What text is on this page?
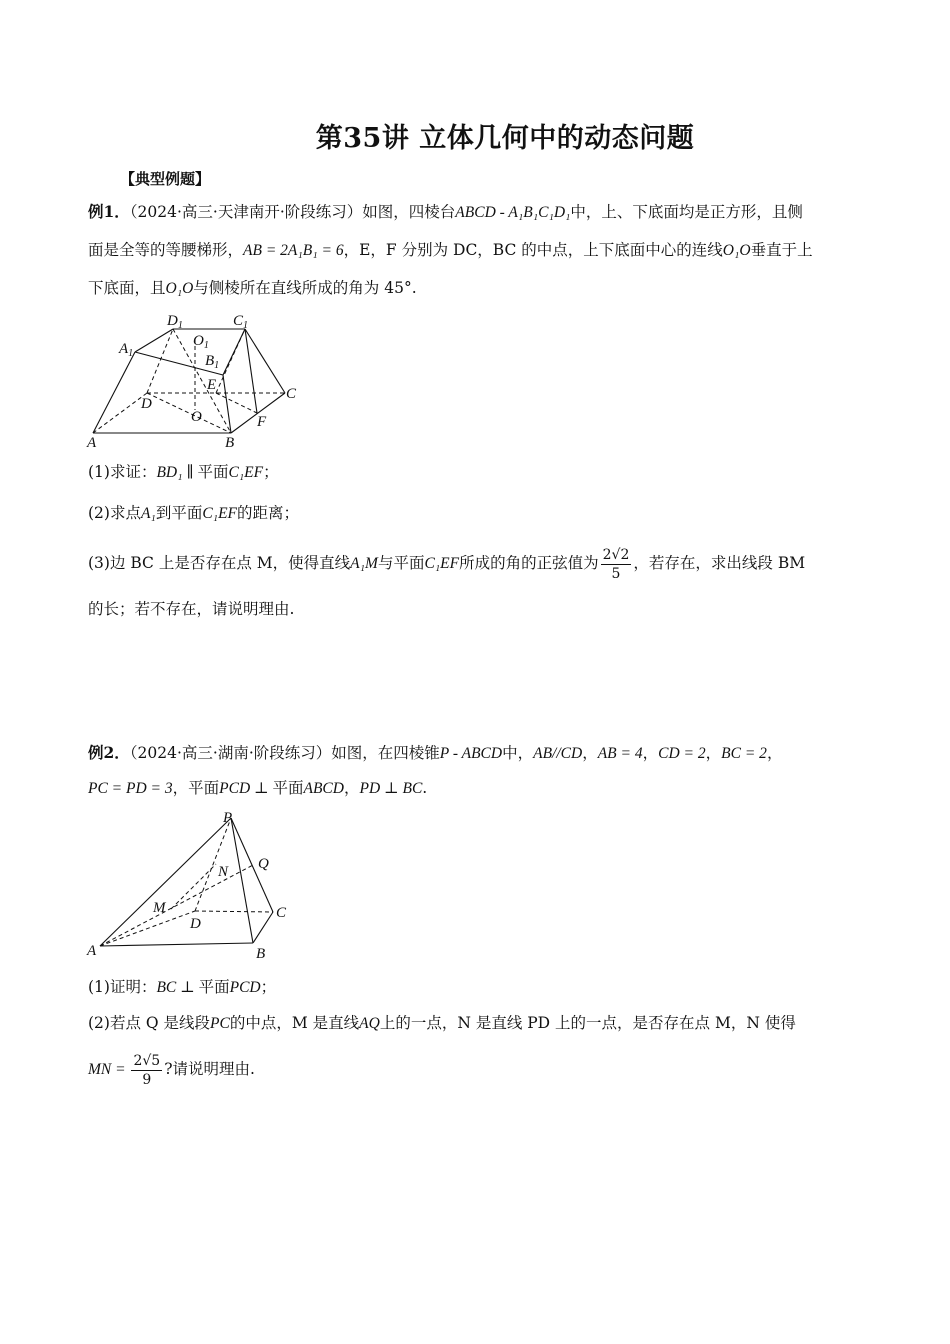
第35讲 立体几何中的动态问题
【典型例题】
例1．（2024·高三·天津南开·阶段练习）如图，四棱台ABCD - A₁B₁C₁D₁中，上、下底面均是正方形，且侧
面是全等的等腰梯形，AB = 2A₁B₁ = 6，E，F 分别为 DC，BC 的中点，上下底面中心的连线O₁O垂直于上
下底面，且O₁O与侧棱所在直线所成的角为 45°.
$D_1$	$C_1$
$A_1$
$O_1$
$B_1$
E
D
O
C
A	B
F
(1)求证：BD₁ ∥ 平面C₁EF；
(2)求点A₁到平面C₁EF的距离；
(3)边 BC 上是否存在点 M，使得直线A₁M与平面C₁EF所成的角的正弦值为 $\frac{2√2}{5}$ ，若存在，求出线段 BM
的长；若不存在，请说明理由.
例2．（2024·高三·湖南·阶段练习）如图，在四棱锥P - ABCD中，AB//CD，AB = 4，CD = 2，BC = 2，
PC = PD = 3，平面PCD ⊥ 平面ABCD，PD ⊥ BC.
P
Q
N
M
D
C
A	B
(1)证明：BC ⊥ 平面PCD；
(2)若点 Q 是线段PC的中点，M 是直线AQ上的一点，N 是直线 PD 上的一点，是否存在点 M，N 使得
MN = $\frac{2√5}{9}$ ?请说明理由.
